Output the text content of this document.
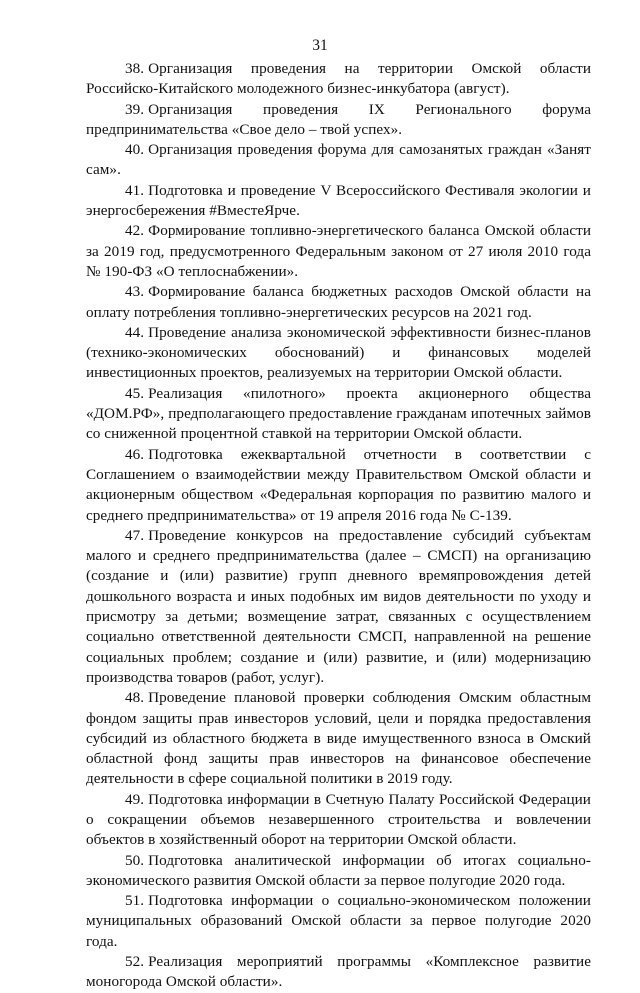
31

38. Организация проведения на территории Омской области Российско-Китайского молодежного бизнес-инкубатора (август).

39. Организация проведения IX Регионального форума предпринимательства «Свое дело – твой успех».

40. Организация проведения форума для самозанятых граждан «Занят сам».

41. Подготовка и проведение V Всероссийского Фестиваля экологии и энергосбережения #ВместеЯрче.

42. Формирование топливно-энергетического баланса Омской области за 2019 год, предусмотренного Федеральным законом от 27 июля 2010 года № 190-ФЗ «О теплоснабжении».

43. Формирование баланса бюджетных расходов Омской области на оплату потребления топливно-энергетических ресурсов на 2021 год.

44. Проведение анализа экономической эффективности бизнес-планов (технико-экономических обоснований) и финансовых моделей инвестиционных проектов, реализуемых на территории Омской области.

45. Реализация «пилотного» проекта акционерного общества «ДОМ.РФ», предполагающего предоставление гражданам ипотечных займов со сниженной процентной ставкой на территории Омской области.

46. Подготовка ежеквартальной отчетности в соответствии с Соглашением о взаимодействии между Правительством Омской области и акционерным обществом «Федеральная корпорация по развитию малого и среднего предпринимательства» от 19 апреля 2016 года № С-139.

47. Проведение конкурсов на предоставление субсидий субъектам малого и среднего предпринимательства (далее – СМСП) на организацию (создание и (или) развитие) групп дневного времяпровождения детей дошкольного возраста и иных подобных им видов деятельности по уходу и присмотру за детьми; возмещение затрат, связанных с осуществлением социально ответственной деятельности СМСП, направленной на решение социальных проблем; создание и (или) развитие, и (или) модернизацию производства товаров (работ, услуг).

48. Проведение плановой проверки соблюдения Омским областным фондом защиты прав инвесторов условий, цели и порядка предоставления субсидий из областного бюджета в виде имущественного взноса в Омский областной фонд защиты прав инвесторов на финансовое обеспечение деятельности в сфере социальной политики в 2019 году.

49. Подготовка информации в Счетную Палату Российской Федерации о сокращении объемов незавершенного строительства и вовлечении объектов в хозяйственный оборот на территории Омской области.

50. Подготовка аналитической информации об итогах социально-экономического развития Омской области за первое полугодие 2020 года.

51. Подготовка информации о социально-экономическом положении муниципальных образований Омской области за первое полугодие 2020 года.

52. Реализация мероприятий программы «Комплексное развитие моногорода Омской области».
